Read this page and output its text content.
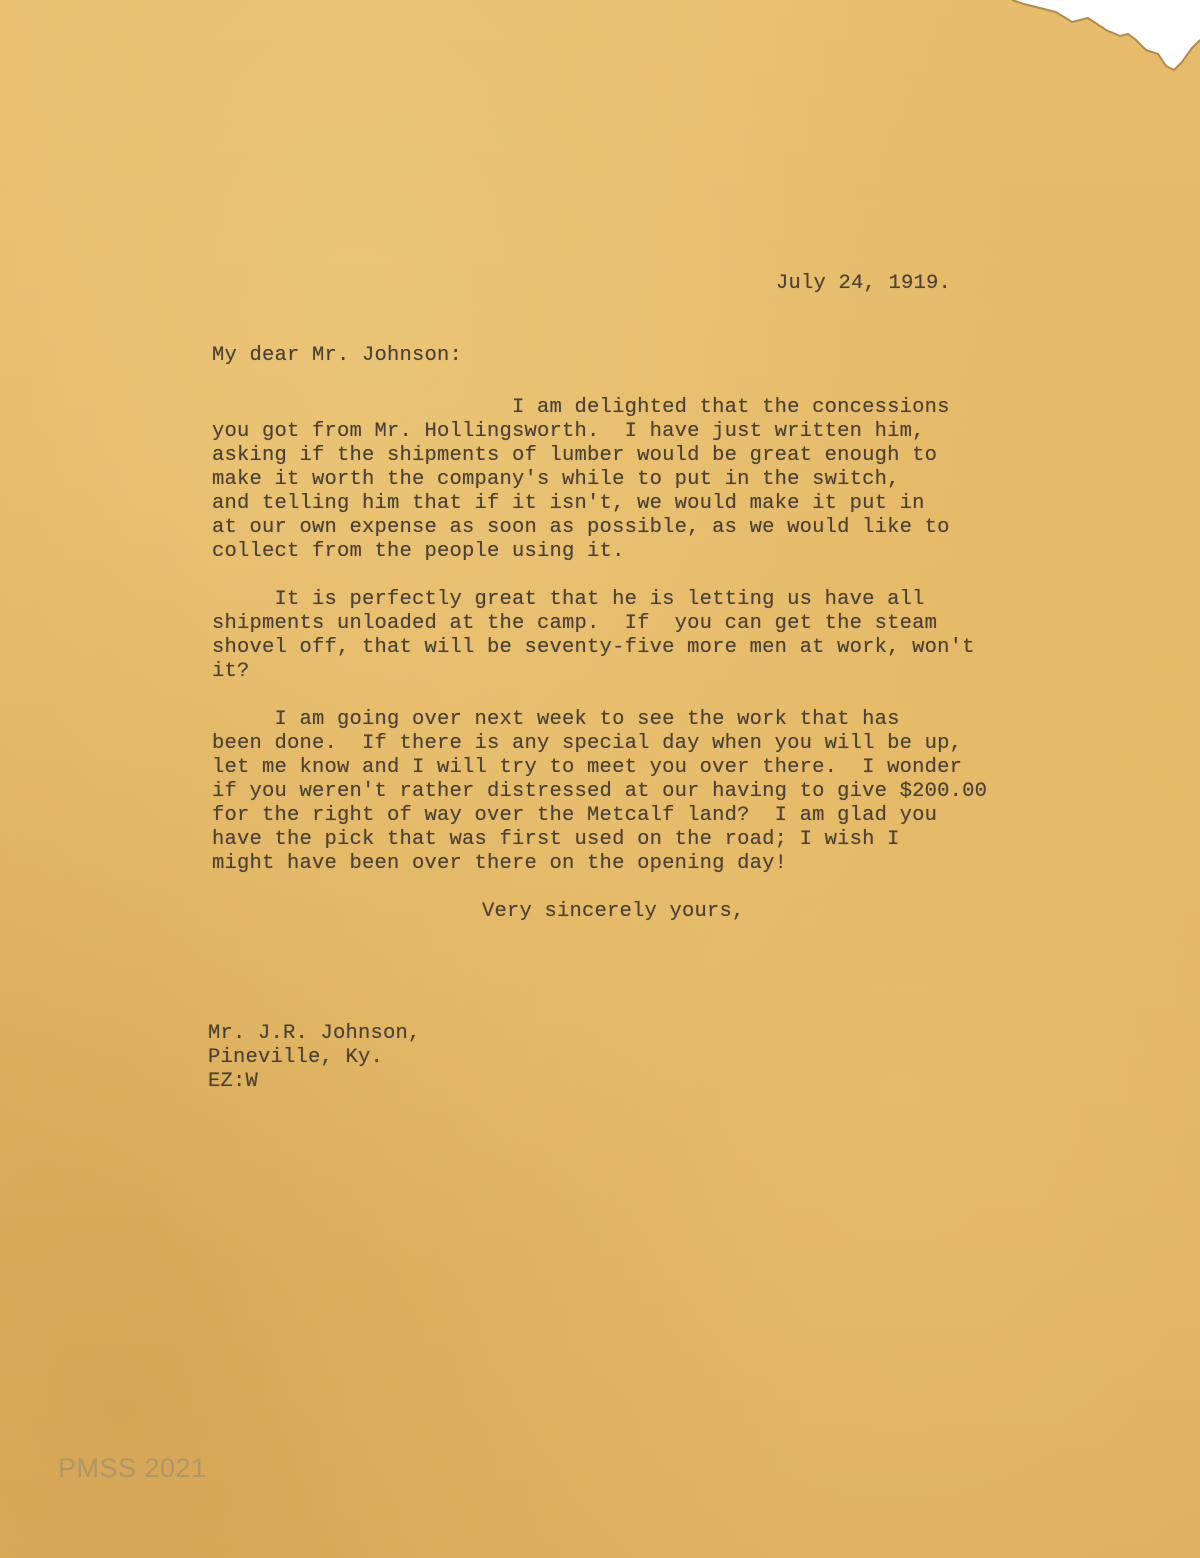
July 24, 1919.

My dear Mr. Johnson:

I am delighted that the concessions
you got from Mr. Hollingsworth.  I have just written him,
asking if the shipments of lumber would be great enough to
make it worth the company's while to put in the switch,
and telling him that if it isn't, we would make it put in
at our own expense as soon as possible, as we would like to
collect from the people using it.

It is perfectly great that he is letting us have all
shipments unloaded at the camp.  If  you can get the steam
shovel off, that will be seventy-five more men at work, won't
it?

I am going over next week to see the work that has
been done.  If there is any special day when you will be up,
let me know and I will try to meet you over there.  I wonder
if you weren't rather distressed at our having to give $200.00
for the right of way over the Metcalf land?  I am glad you
have the pick that was first used on the road; I wish I
might have been over there on the opening day!

Very sincerely yours,

Mr. J.R. Johnson,
Pineville, Ky.
EZ:W
PMSS 2021
